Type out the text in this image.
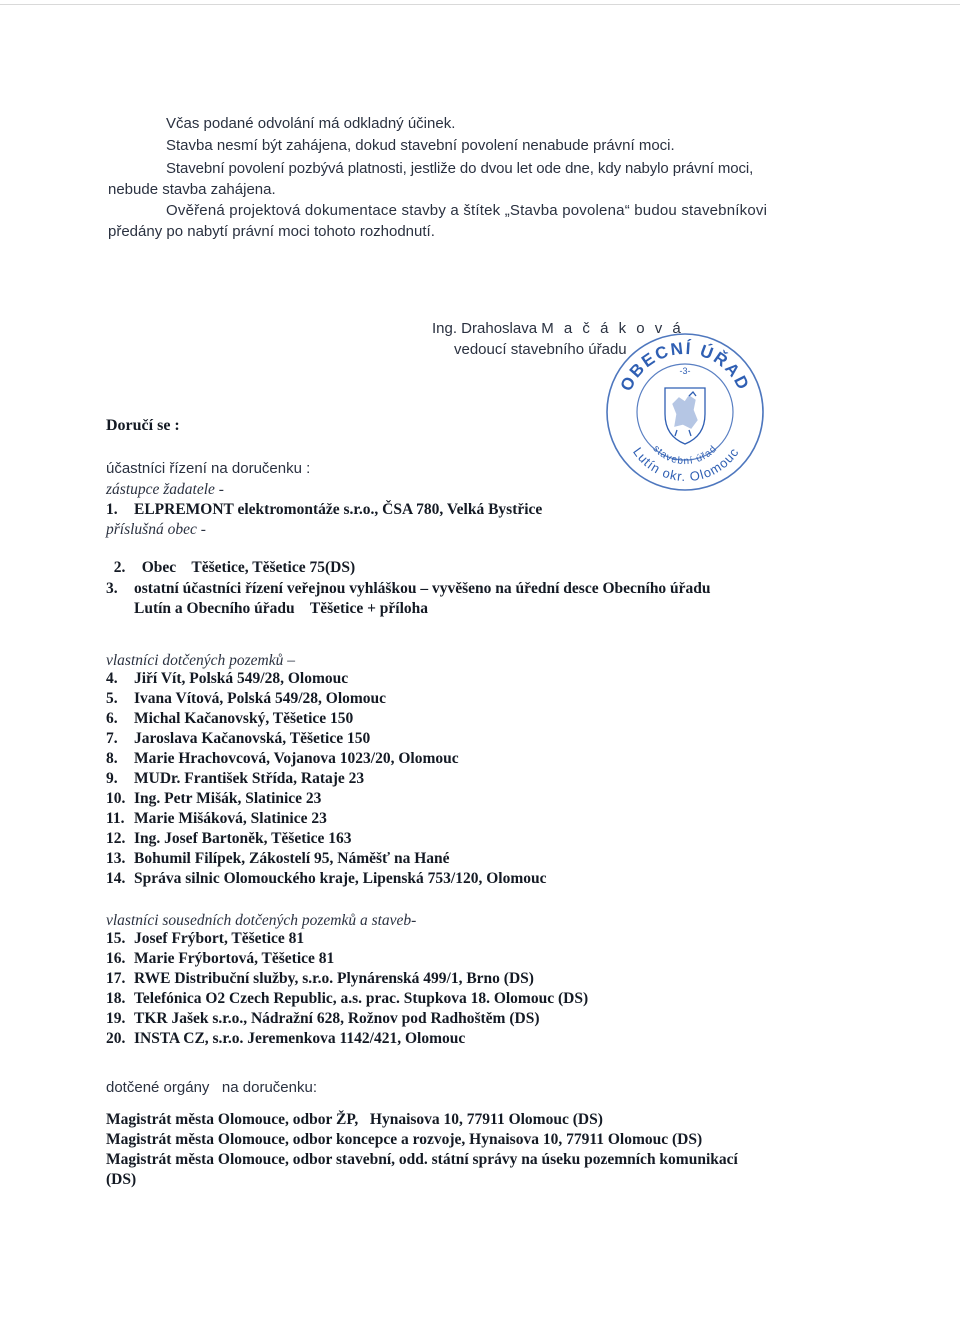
Včas podané odvolání má odkladný účinek.
Stavba nesmí být zahájena, dokud stavební povolení nenabude právní moci.
Stavební povolení pozbývá platnosti, jestliže do dvou let ode dne, kdy nabylo právní moci,
nebude stavba zahájena.
Ověřená projektová dokumentace stavby a štítek „Stavba povolena“ budou stavebníkovi
předány po nabytí právní moci tohoto rozhodnutí.
Ing. Drahoslava M a č á k o v á
vedoucí stavebního úřadu
OBECNÍ ÚŘAD
-3-
Lutín okr. Olomouc
stavební úřad
Doručí se :
účastníci řízení na doručenku :
zástupce žadatele -
1. ELPREMONT elektromontáže s.r.o., ČSA 780, Velká Bystřice
příslušná obec -

2. Obec    Těšetice, Těšetice 75(DS)

3. ostatní účastníci řízení veřejnou vyhláškou – vyvěšeno na úřední desce Obecního úřadu
Lutín a Obecního úřadu    Těšetice + příloha
vlastníci dotčených pozemků –
4. Jiří Vít, Polská 549/28, Olomouc
5. Ivana Vítová, Polská 549/28, Olomouc
6. Michal Kačanovský, Těšetice 150
7. Jaroslava Kačanovská, Těšetice 150
8. Marie Hrachovcová, Vojanova 1023/20, Olomouc
9. MUDr. František Střída, Rataje 23
10. Ing. Petr Mišák, Slatinice 23
11. Marie Mišáková, Slatinice 23
12. Ing. Josef Bartoněk, Těšetice 163
13. Bohumil Filípek, Zákostelí 95, Náměšť na Hané
14. Správa silnic Olomouckého kraje, Lipenská 753/120, Olomouc
vlastníci sousedních dotčených pozemků a staveb-
15. Josef Frýbort, Těšetice 81
16. Marie Frýbortová, Těšetice 81
17. RWE Distribuční služby, s.r.o. Plynárenská 499/1, Brno (DS)
18. Telefónica O2 Czech Republic, a.s. prac. Stupkova 18. Olomouc (DS)
19. TKR Jašek s.r.o., Nádražní 628, Rožnov pod Radhoštěm (DS)
20. INSTA CZ, s.r.o. Jeremenkova 1142/421, Olomouc
dotčené orgány   na doručenku:
Magistrát města Olomouce, odbor ŽP,   Hynaisova 10, 77911 Olomouc (DS)
Magistrát města Olomouce, odbor koncepce a rozvoje, Hynaisova 10, 77911 Olomouc (DS)
Magistrát města Olomouce, odbor stavební, odd. státní správy na úseku pozemních komunikací
(DS)
